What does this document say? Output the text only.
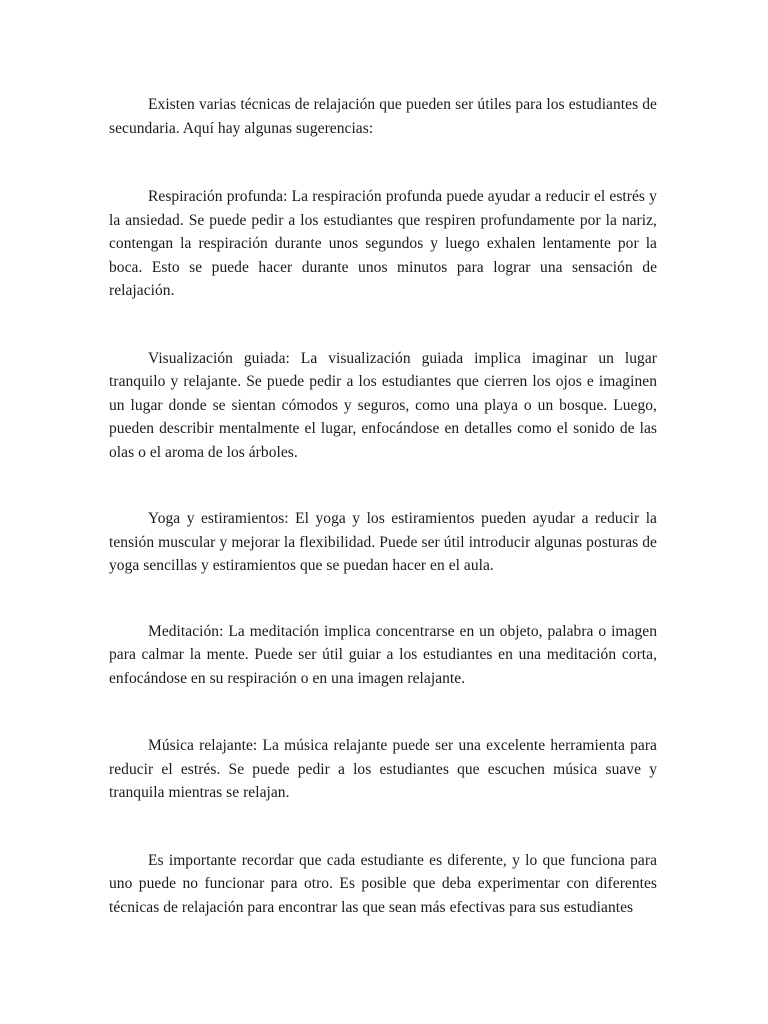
Existen varias técnicas de relajación que pueden ser útiles para los estudiantes de secundaria. Aquí hay algunas sugerencias:

Respiración profunda: La respiración profunda puede ayudar a reducir el estrés y la ansiedad. Se puede pedir a los estudiantes que respiren profundamente por la nariz, contengan la respiración durante unos segundos y luego exhalen lentamente por la boca. Esto se puede hacer durante unos minutos para lograr una sensación de relajación.

Visualización guiada: La visualización guiada implica imaginar un lugar tranquilo y relajante. Se puede pedir a los estudiantes que cierren los ojos e imaginen un lugar donde se sientan cómodos y seguros, como una playa o un bosque. Luego, pueden describir mentalmente el lugar, enfocándose en detalles como el sonido de las olas o el aroma de los árboles.

Yoga y estiramientos: El yoga y los estiramientos pueden ayudar a reducir la tensión muscular y mejorar la flexibilidad. Puede ser útil introducir algunas posturas de yoga sencillas y estiramientos que se puedan hacer en el aula.

Meditación: La meditación implica concentrarse en un objeto, palabra o imagen para calmar la mente. Puede ser útil guiar a los estudiantes en una meditación corta, enfocándose en su respiración o en una imagen relajante.

Música relajante: La música relajante puede ser una excelente herramienta para reducir el estrés. Se puede pedir a los estudiantes que escuchen música suave y tranquila mientras se relajan.

Es importante recordar que cada estudiante es diferente, y lo que funciona para uno puede no funcionar para otro. Es posible que deba experimentar con diferentes técnicas de relajación para encontrar las que sean más efectivas para sus estudiantes
